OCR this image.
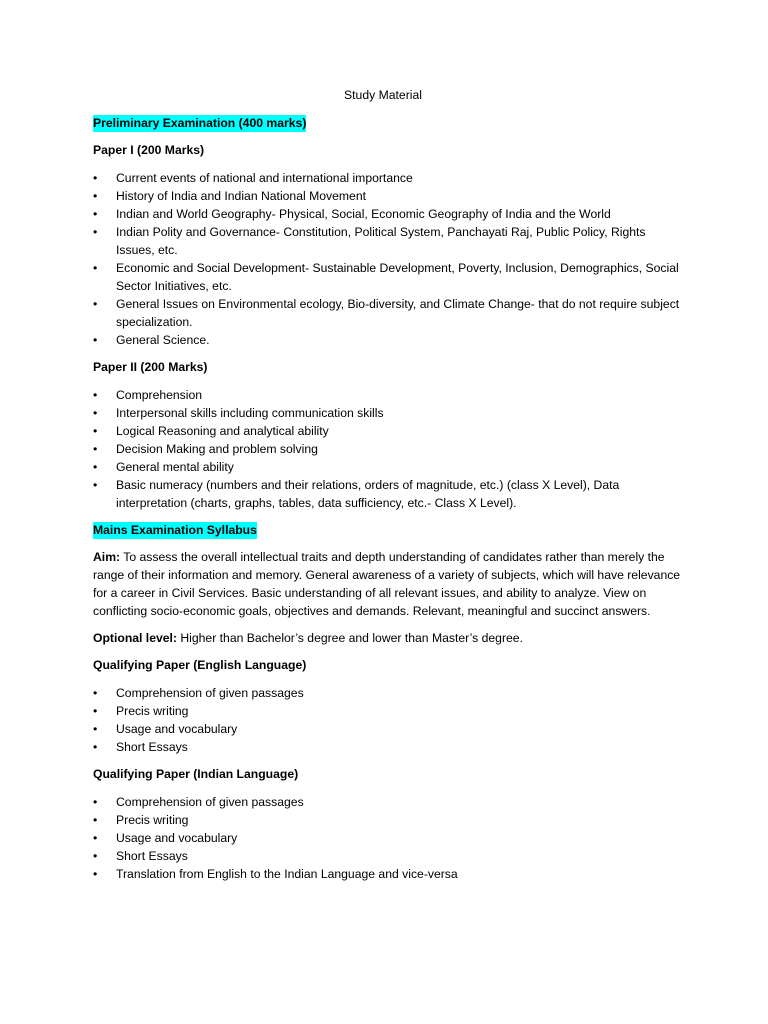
Study Material
Preliminary Examination (400 marks)
Paper I (200 Marks)
• Current events of national and international importance
• History of India and Indian National Movement
• Indian and World Geography- Physical, Social, Economic Geography of India and the World
• Indian Polity and Governance- Constitution, Political System, Panchayati Raj, Public Policy, Rights Issues, etc.
• Economic and Social Development- Sustainable Development, Poverty, Inclusion, Demographics, Social Sector Initiatives, etc.
• General Issues on Environmental ecology, Bio-diversity, and Climate Change- that do not require subject specialization.
• General Science.
Paper II (200 Marks)
• Comprehension
• Interpersonal skills including communication skills
• Logical Reasoning and analytical ability
• Decision Making and problem solving
• General mental ability
• Basic numeracy (numbers and their relations, orders of magnitude, etc.) (class X Level), Data interpretation (charts, graphs, tables, data sufficiency, etc.- Class X Level).
Mains Examination Syllabus

Aim: To assess the overall intellectual traits and depth understanding of candidates rather than merely the range of their information and memory. General awareness of a variety of subjects, which will have relevance for a career in Civil Services. Basic understanding of all relevant issues, and ability to analyze. View on conflicting socio-economic goals, objectives and demands. Relevant, meaningful and succinct answers.

Optional level: Higher than Bachelor’s degree and lower than Master’s degree.

Qualifying Paper (English Language)
• Comprehension of given passages
• Precis writing
• Usage and vocabulary
• Short Essays
Qualifying Paper (Indian Language)
• Comprehension of given passages
• Precis writing
• Usage and vocabulary
• Short Essays
• Translation from English to the Indian Language and vice-versa
